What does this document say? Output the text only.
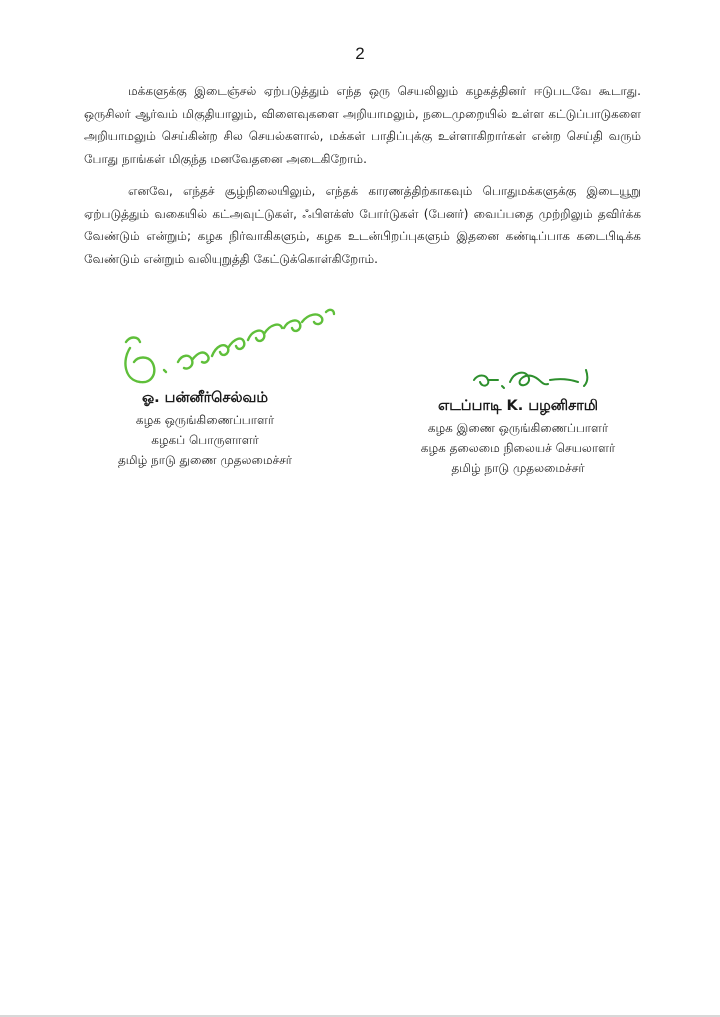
2

மக்களுக்கு இடைஞ்சல் ஏற்படுத்தும் எந்த ஒரு செயலிலும் கழகத்தினர் ஈடுபடவே கூடாது. ஒருசிலர் ஆர்வம் மிகுதியாலும், விளைவுகளை அறியாமலும், நடைமுறையில் உள்ள கட்டுப்பாடுகளை அறியாமலும் செய்கின்ற சில செயல்களால், மக்கள் பாதிப்புக்கு உள்ளாகிறார்கள் என்ற செய்தி வரும் போது நாங்கள் மிகுந்த மனவேதனை அடைகிறோம்.

எனவே, எந்தச் சூழ்நிலையிலும், எந்தக் காரணத்திற்காகவும் பொதுமக்களுக்கு இடையூறு ஏற்படுத்தும் வகையில் கட்அவுட்டுகள், ஃபிளக்ஸ் போர்டுகள் (பேனர்) வைப்பதை முற்றிலும் தவிர்க்க வேண்டும் என்றும்; கழக நிர்வாகிகளும், கழக உடன்பிறப்புகளும் இதனை கண்டிப்பாக கடைபிடிக்க வேண்டும் என்றும் வலியுறுத்தி கேட்டுக்கொள்கிறோம்.

ஓ. பன்னீர்செல்வம்
கழக ஒருங்கிணைப்பாளர்
கழகப் பொருளாளர்
தமிழ் நாடு துணை முதலமைச்சர்
எடப்பாடி K. பழனிசாமி
கழக இணை ஒருங்கிணைப்பாளர்
கழக தலைமை நிலையச் செயலாளர்
தமிழ் நாடு முதலமைச்சர்
